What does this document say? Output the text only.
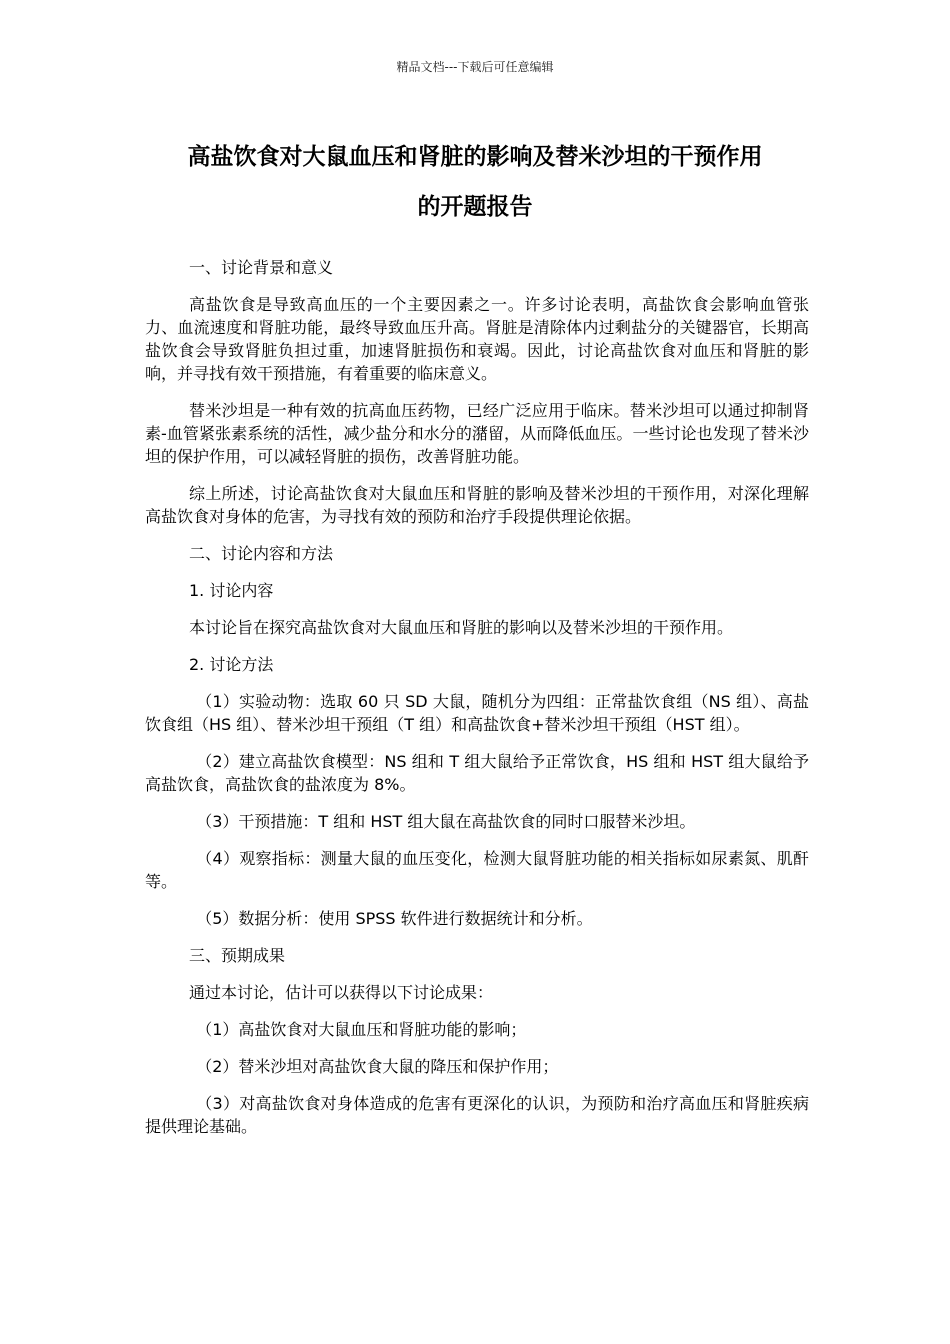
精品文档---下载后可任意编辑
高盐饮食对大鼠血压和肾脏的影响及替米沙坦的干预作用
的开题报告

一、讨论背景和意义

高盐饮食是导致高血压的一个主要因素之一。许多讨论表明，高盐饮食会影响血管张力、血流速度和肾脏功能，最终导致血压升高。肾脏是清除体内过剩盐分的关键器官，长期高盐饮食会导致肾脏负担过重，加速肾脏损伤和衰竭。因此，讨论高盐饮食对血压和肾脏的影响，并寻找有效干预措施，有着重要的临床意义。

替米沙坦是一种有效的抗高血压药物，已经广泛应用于临床。替米沙坦可以通过抑制肾素-血管紧张素系统的活性，减少盐分和水分的潴留，从而降低血压。一些讨论也发现了替米沙坦的保护作用，可以减轻肾脏的损伤，改善肾脏功能。

综上所述，讨论高盐饮食对大鼠血压和肾脏的影响及替米沙坦的干预作用，对深化理解高盐饮食对身体的危害，为寻找有效的预防和治疗手段提供理论依据。

二、讨论内容和方法

1. 讨论内容

本讨论旨在探究高盐饮食对大鼠血压和肾脏的影响以及替米沙坦的干预作用。

2. 讨论方法

（1）实验动物：选取 60 只 SD 大鼠，随机分为四组：正常盐饮食组（NS 组）、高盐饮食组（HS 组）、替米沙坦干预组（T 组）和高盐饮食+替米沙坦干预组（HST 组）。

（2）建立高盐饮食模型：NS 组和 T 组大鼠给予正常饮食，HS 组和 HST 组大鼠给予高盐饮食，高盐饮食的盐浓度为 8%。

（3）干预措施：T 组和 HST 组大鼠在高盐饮食的同时口服替米沙坦。

（4）观察指标：测量大鼠的血压变化，检测大鼠肾脏功能的相关指标如尿素氮、肌酐等。

（5）数据分析：使用 SPSS 软件进行数据统计和分析。

三、预期成果

通过本讨论，估计可以获得以下讨论成果：

（1）高盐饮食对大鼠血压和肾脏功能的影响；

（2）替米沙坦对高盐饮食大鼠的降压和保护作用；

（3）对高盐饮食对身体造成的危害有更深化的认识，为预防和治疗高血压和肾脏疾病提供理论基础。
